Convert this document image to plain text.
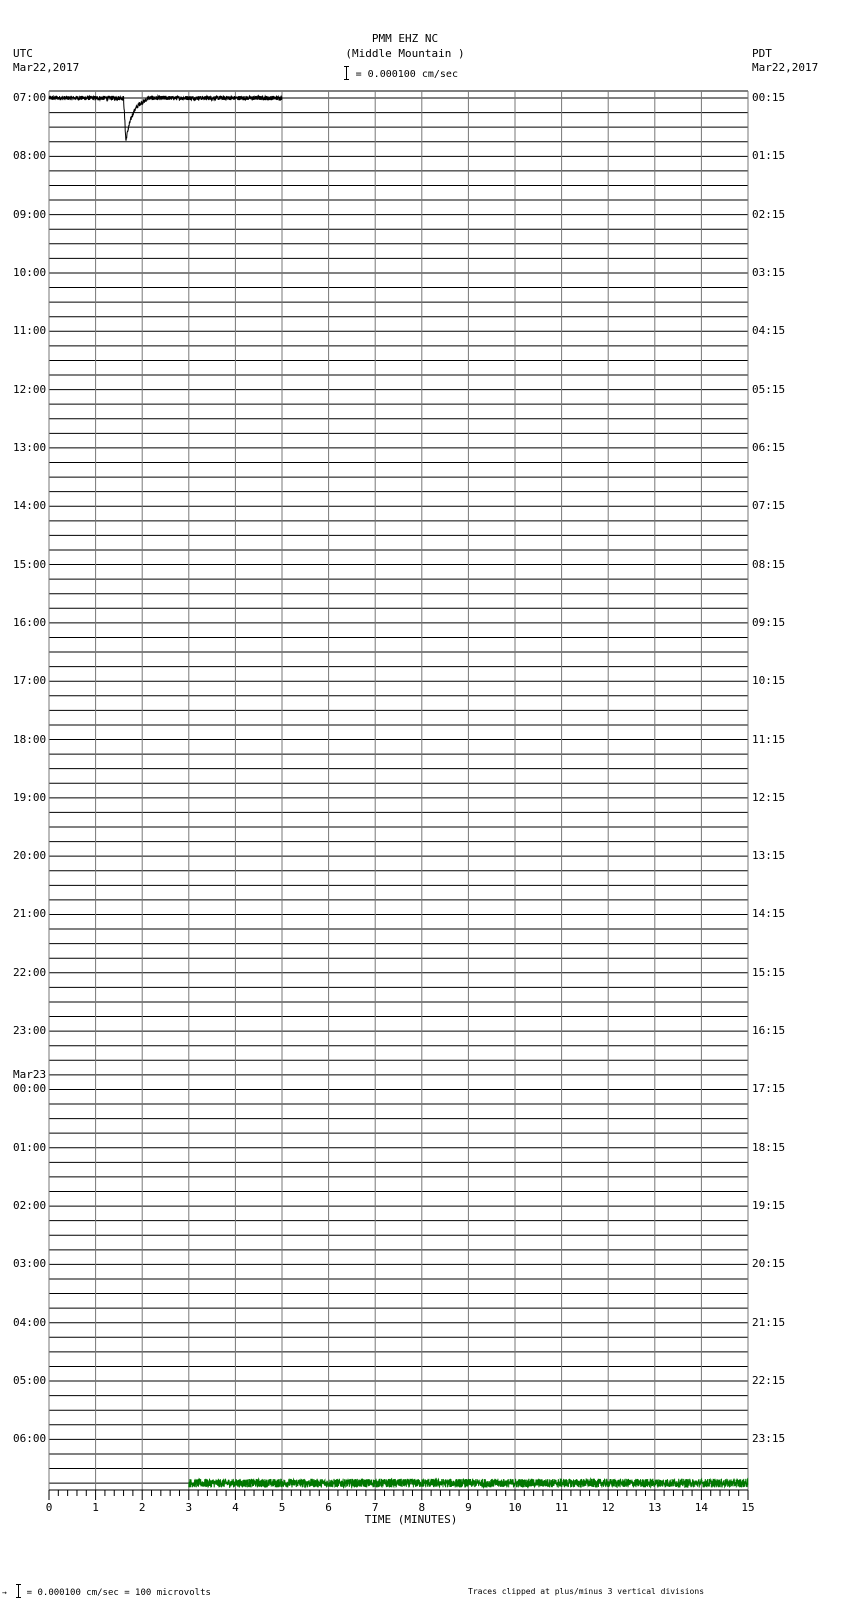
PMM EHZ NC
(Middle Mountain )
= 0.000100 cm/sec
UTC
Mar22,2017
PDT
Mar22,2017
0	1	2	3	4	5	6	7	8	9	10	11	12	13	14	15
TIME (MINUTES)
07:00
08:00
09:00
10:00
11:00
12:00
13:00
14:00
15:00
16:00
17:00
18:00
19:00
20:00
21:00
22:00
23:00
00:00
Mar23
01:00
02:00
03:00
04:00
05:00
06:00
00:15
01:15
02:15
03:15
04:15
05:15
06:15
07:15
08:15
09:15
10:15
11:15
12:15
13:15
14:15
15:15
16:15
17:15
18:15
19:15
20:15
21:15
22:15
23:15
→ = 0.000100 cm/sec = 100 microvolts	Traces clipped at plus/minus 3 vertical divisions
